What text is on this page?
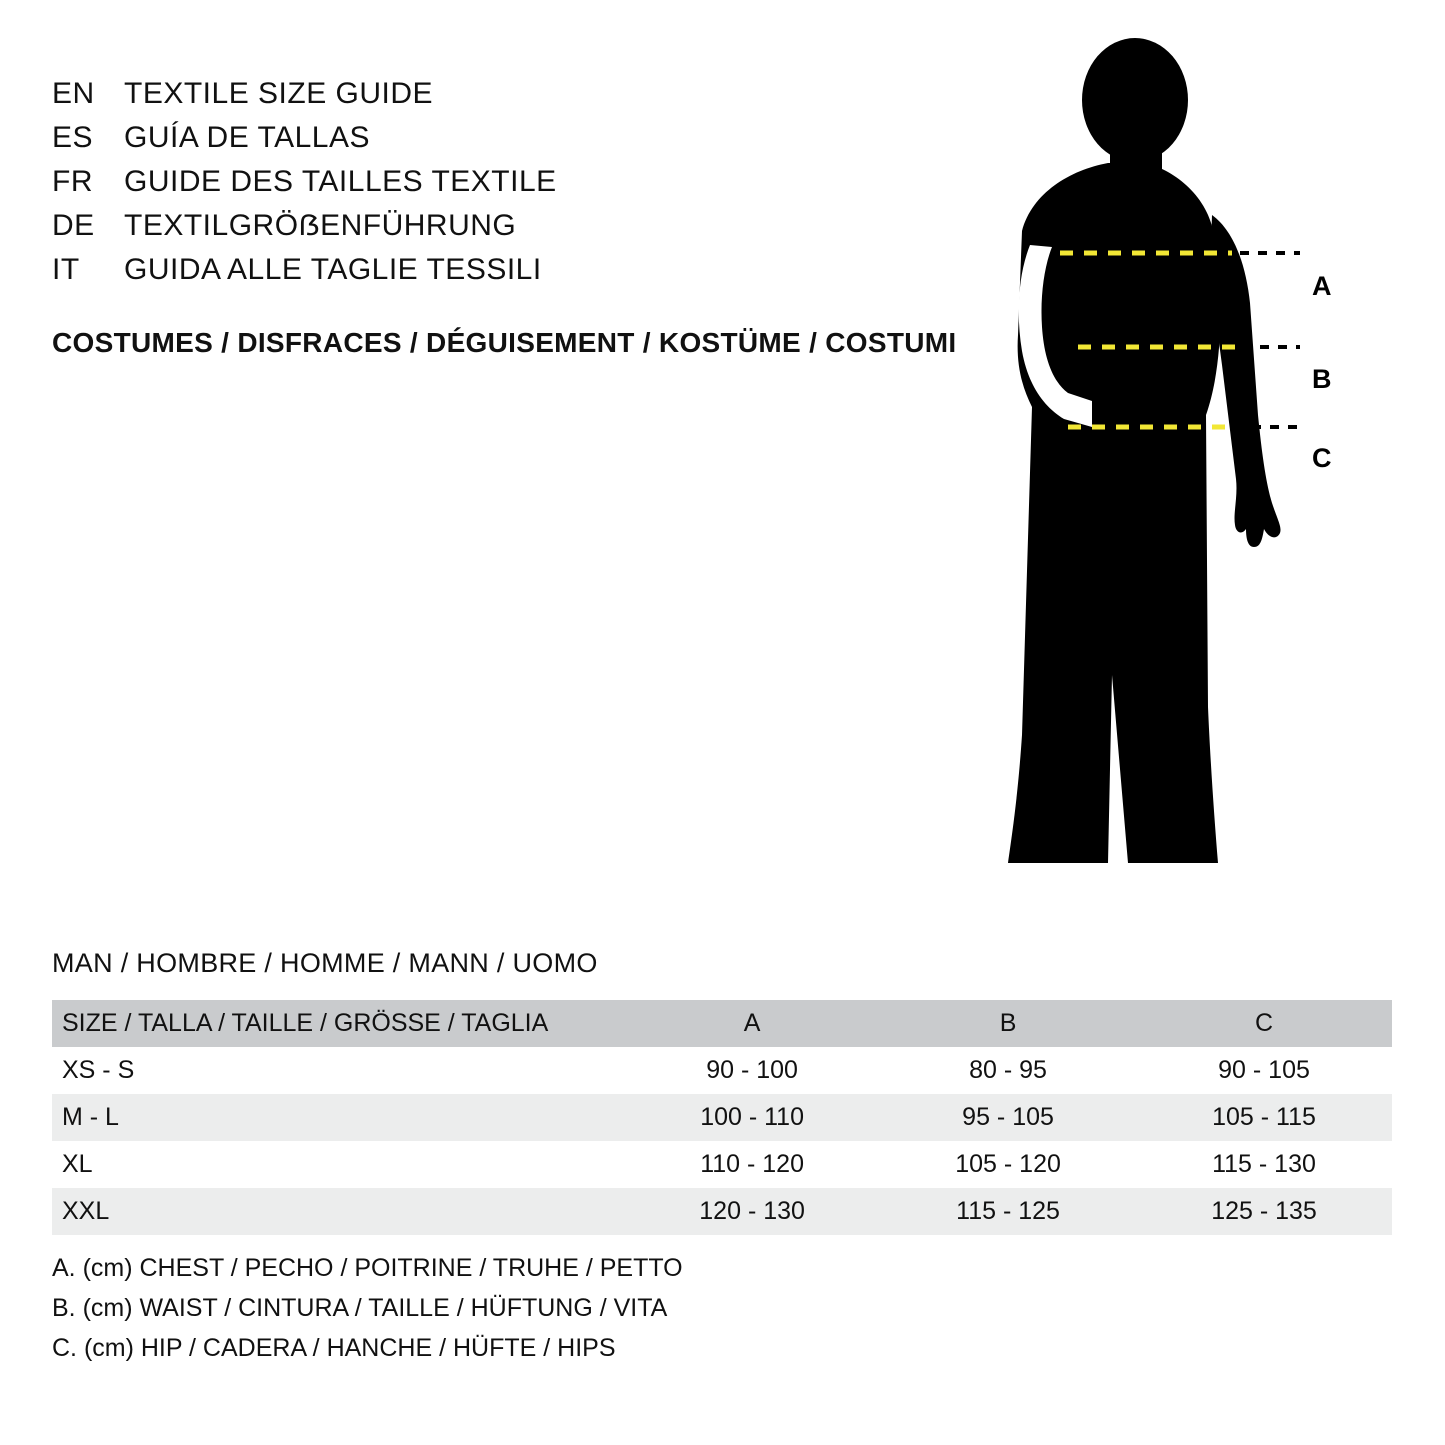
EN TEXTILE SIZE GUIDE
ES	GUÍA DE TALLAS
FR	GUIDE DES TAILLES TEXTILE
DE TEXTILGRÖẞENFÜHRUNG
IT	GUIDA ALLE TAGLIE TESSILI
COSTUMES / DISFRACES / DÉGUISEMENT / KOSTÜME / COSTUMI
A
B
C
MAN / HOMBRE / HOMME / MANN / UOMO
SIZE / TALLA / TAILLE / GRÖSSE / TAGLIA	A	B	C
XS - S	90 - 100	80 - 95	90 - 105
M - L	100 - 110	95 - 105	105 - 115
XL	110 - 120	105 - 120	115 - 130
XXL	120 - 130	115 - 125	125 - 135
A. (cm) CHEST / PECHO / POITRINE / TRUHE / PETTO
B. (cm) WAIST / CINTURA / TAILLE / HÜFTUNG / VITA
C. (cm) HIP / CADERA / HANCHE / HÜFTE / HIPS
